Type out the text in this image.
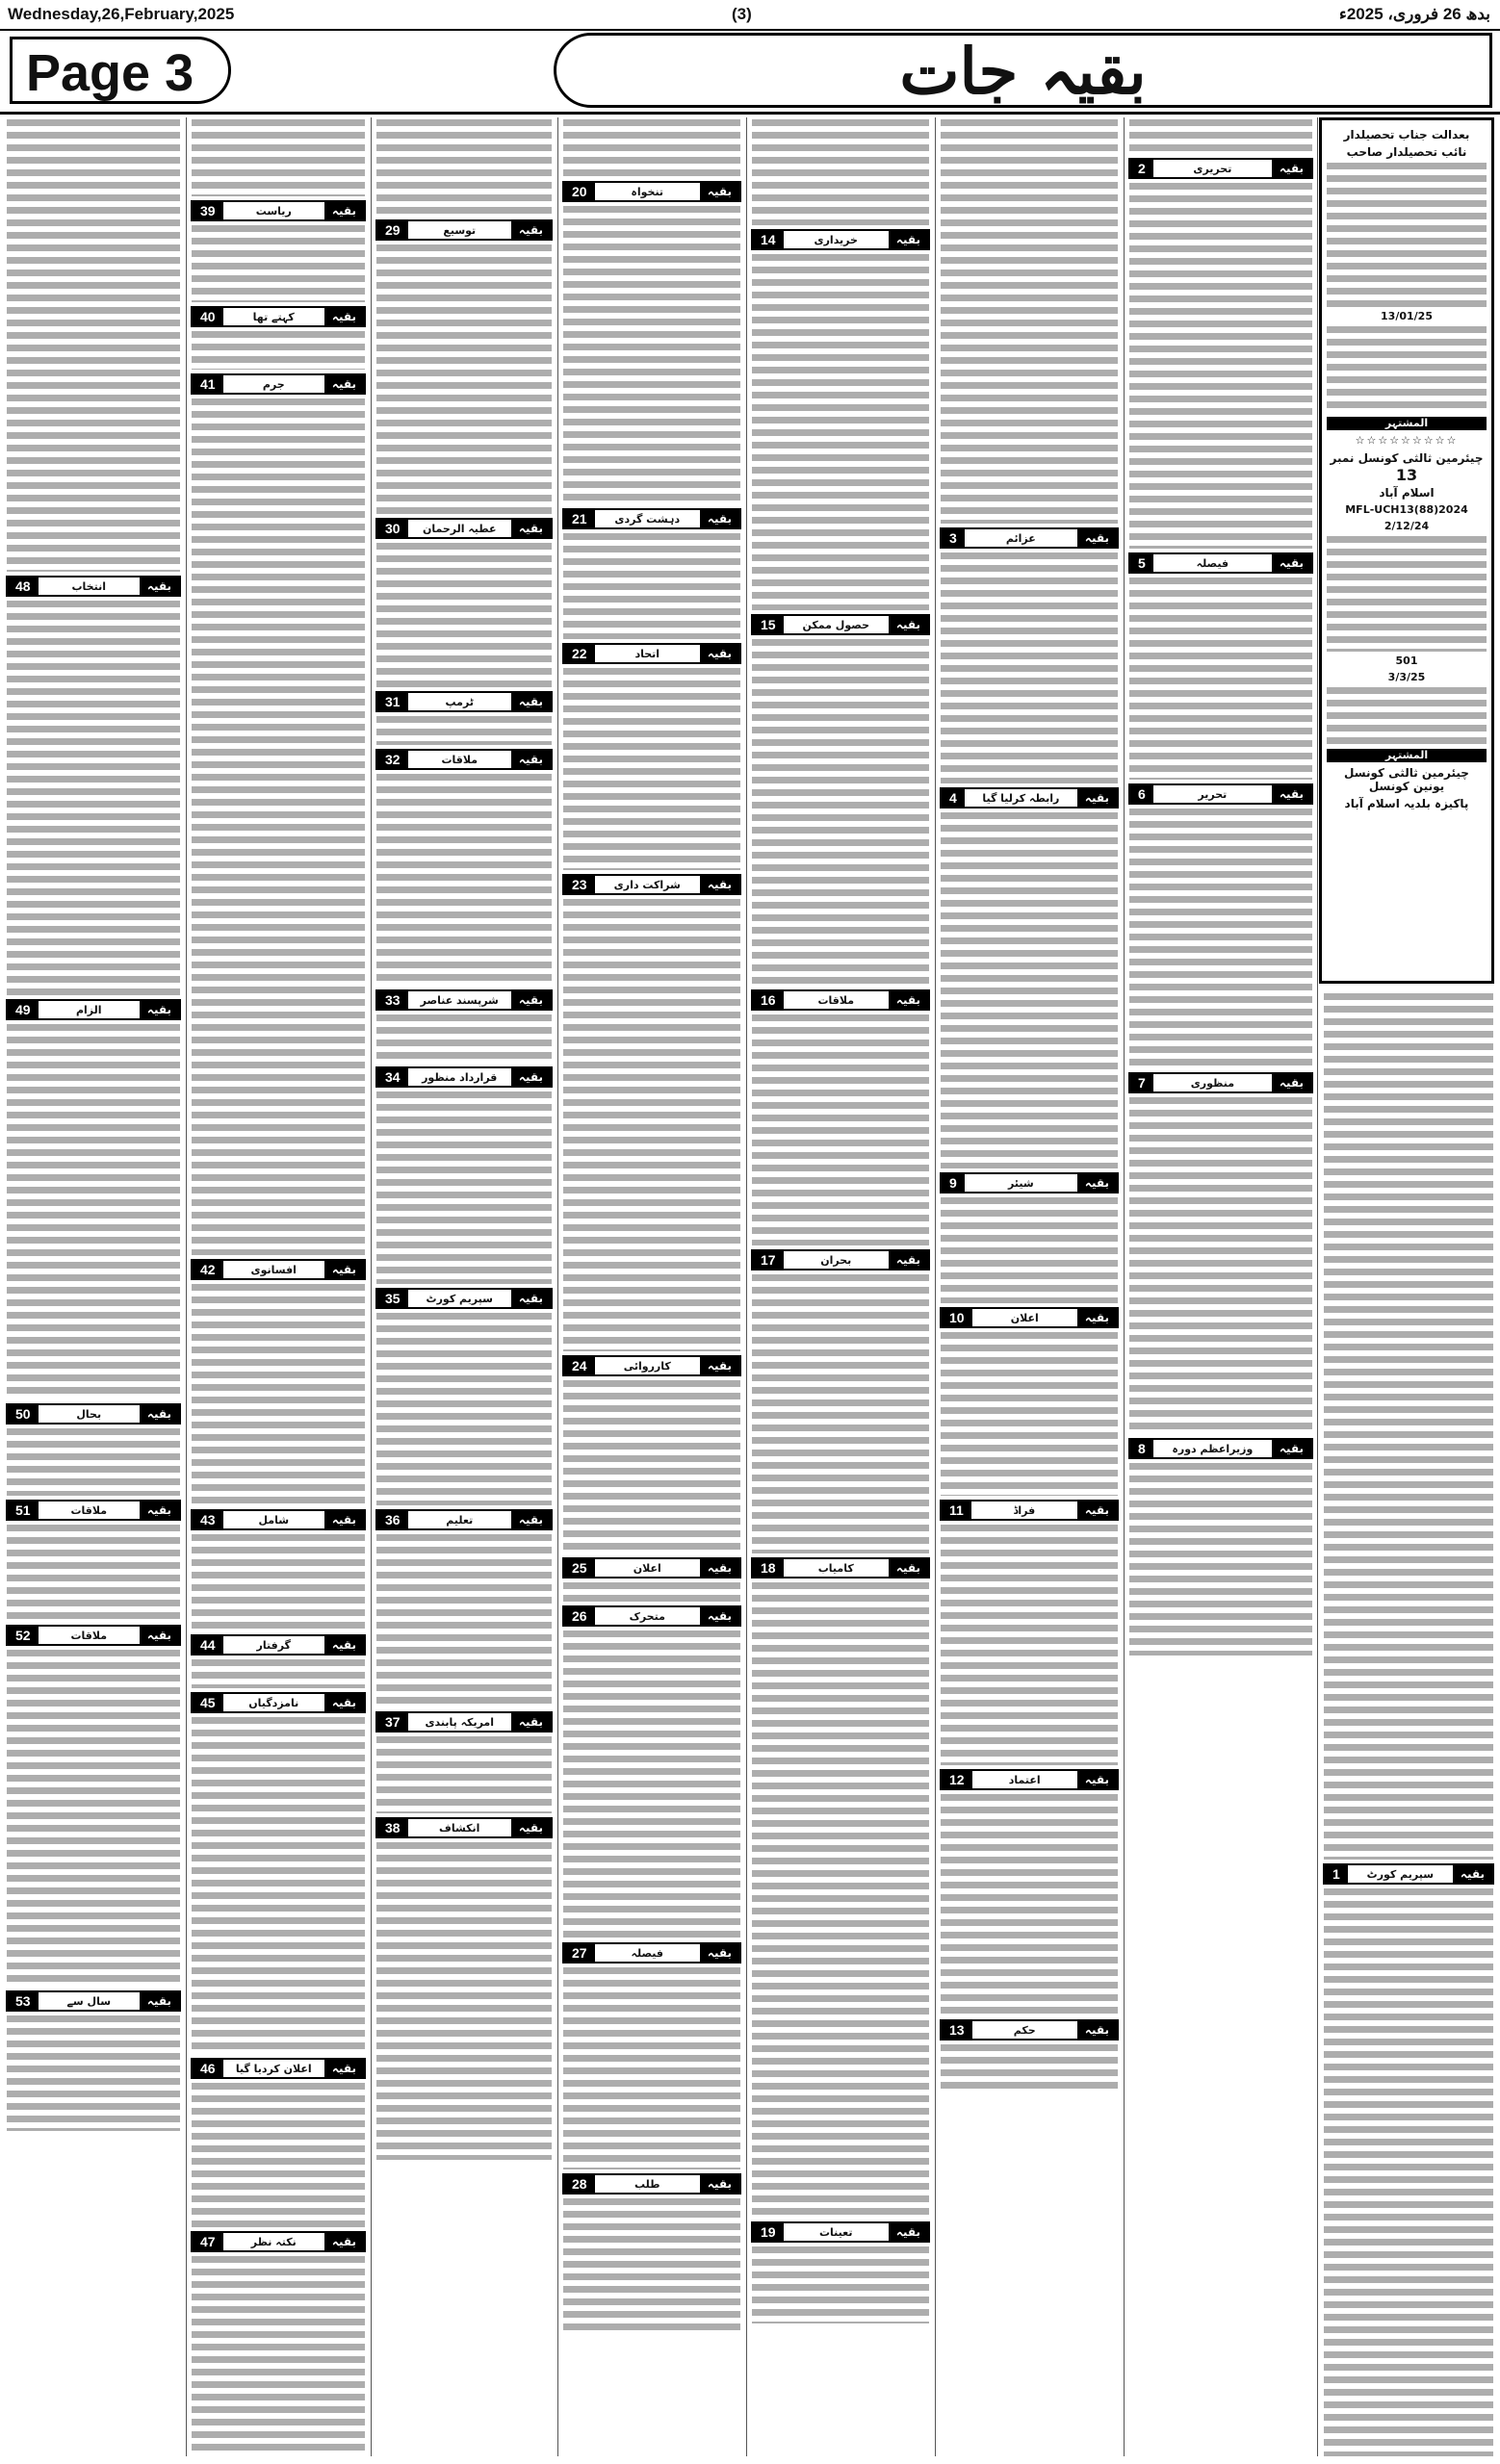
Wednesday,26,February,2025	(3)	بدھ 26 فروری، 2025ء
Page 3	بقیہ جات
بقیہ
انتخاب
48
بقیہ
الزام
49
بقیہ
بحال
50
بقیہ
ملاقات
51
بقیہ
ملاقات
52
بقیہ
سال سے
53
بقیہ
ریاست
39
بقیہ
کہتے تھا
40
بقیہ
جرم
41
بقیہ
افسانوی
42
بقیہ
شامل
43
بقیہ
گرفتار
44
بقیہ
نامزدگیاں
45
بقیہ
اعلان کردیا گیا
46
بقیہ
نکتہ نظر
47
بقیہ
توسیع
29
بقیہ
عطیہ الرحمان
30
بقیہ
ٹرمپ
31
بقیہ
ملاقات
32
بقیہ
شرپسند عناصر
33
بقیہ
قرارداد منظور
34
بقیہ
سپریم کورٹ
35
بقیہ
تعلیم
36
بقیہ
امریکہ پابندی
37
بقیہ
انکشاف
38
بقیہ
تنخواہ
20
بقیہ
دہشت گردی
21
بقیہ
اتحاد
22
بقیہ
شراکت داری
23
بقیہ
کارروائی
24
بقیہ
اعلان
25
بقیہ
متحرک
26
بقیہ
فیصلہ
27
بقیہ
طلب
28
بقیہ
خریداری
14
بقیہ
حصول ممکن
15
بقیہ
ملاقات
16
بقیہ
بحران
17
بقیہ
کامیاب
18
بقیہ
تعینات
19
بقیہ
عزائم
3
بقیہ
رابطہ کرلیا گیا
4
بقیہ
شیئر
9
بقیہ
اعلان
10
بقیہ
فراڈ
11
بقیہ
اعتماد
12
بقیہ
حکم
13
بقیہ
تحریری
2
بقیہ
فیصلہ
5
بقیہ
تحریر
6
بقیہ
منظوری
7
بقیہ
وزیراعظم دورہ
8
بقیہ
سپریم کورٹ
1
بعدالت جناب تحصیلدار
نائب تحصیلدار صاحب
13/01/25
المشتہر
☆☆☆☆☆☆☆☆☆
چیئرمین ثالثی کونسل نمبر
13
اسلام آباد
MFL-UCH13(88)2024
2/12/24
501
3/3/25
المشتہر
چیئرمین ثالثی کونسل یونین کونسل
پاکیزہ بلدیہ اسلام آباد
